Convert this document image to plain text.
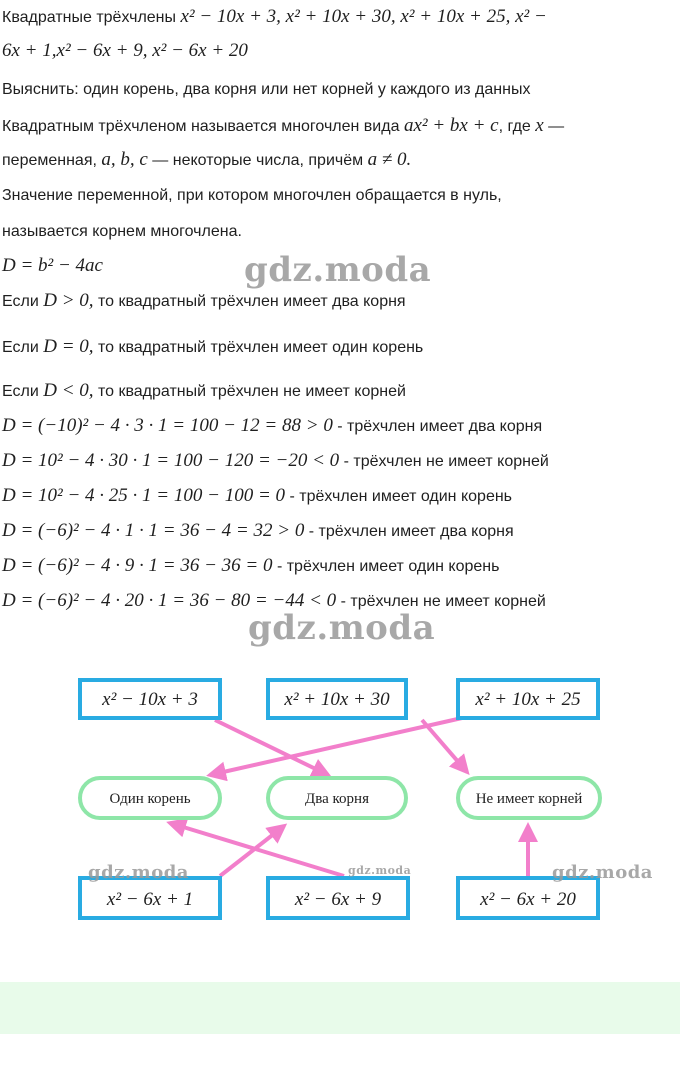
Квадратные трёхчлены x² − 10x + 3, x² + 10x + 30, x² + 10x + 25, x² −
6x + 1,x² − 6x + 9, x² − 6x + 20
Выяснить: один корень, два корня или нет корней у каждого из данных
Квадратным трёхчленом называется многочлен вида ax² + bx + c, где x —
переменная, a, b, c — некоторые числа, причём a ≠ 0.
Значение переменной, при котором многочлен обращается в нуль,
называется корнем многочлена.
D = b² − 4ac	gdz.moda
Если D > 0, то квадратный трёхчлен имеет два корня
Если D = 0, то квадратный трёхчлен имеет один корень
Если D < 0, то квадратный трёхчлен не имеет корней
D = (−10)² − 4 · 3 · 1 = 100 − 12 = 88 > 0 - трёхчлен имеет два корня
D = 10² − 4 · 30 · 1 = 100 − 120 = −20 < 0 - трёхчлен не имеет корней
D = 10² − 4 · 25 · 1 = 100 − 100 = 0 - трёхчлен имеет один корень
D = (−6)² − 4 · 1 · 1 = 36 − 4 = 32 > 0 - трёхчлен имеет два корня
D = (−6)² − 4 · 9 · 1 = 36 − 36 = 0 - трёхчлен имеет один корень
D = (−6)² − 4 · 20 · 1 = 36 − 80 = −44 < 0 - трёхчлен не имеет корней
gdz.moda
x² − 10x + 3	x² + 10x + 30	x² + 10x + 25
Один корень	Два корня	Не имеет корней
x² − 6x + 1	x² − 6x + 9	x² − 6x + 20
gdz.moda	gdz.moda	gdz.moda
